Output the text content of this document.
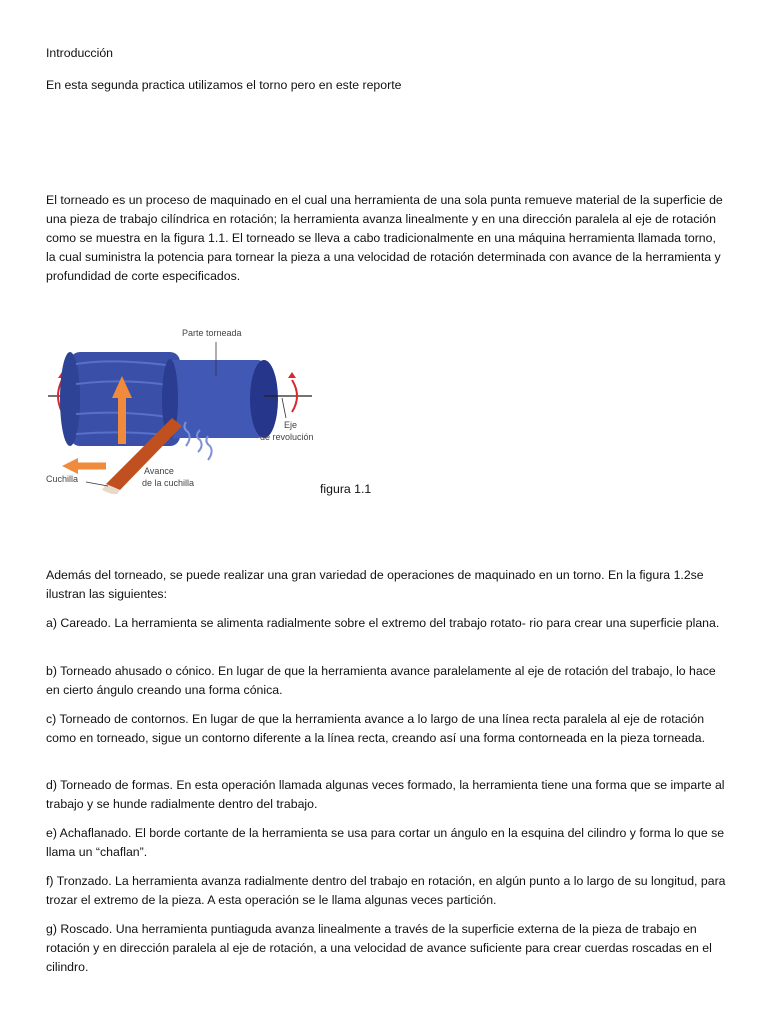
Introducción

En esta segunda practica utilizamos el torno pero en este reporte

El torneado es un proceso de maquinado en el cual una herramienta de una sola punta remueve material de la superficie de una pieza de trabajo cilíndrica en rotación; la herramienta avanza linealmente y en una dirección paralela al eje de rotación como se muestra en la figura 1.1. El torneado se lleva a cabo tradicionalmente en una máquina herramienta llamada torno, la cual suministra la potencia para tornear la pieza a una velocidad de rotación determinada con avance de la herramienta y profundidad de corte especificados.

Parte torneada
Eje
de revolución
Cuchilla
Avance
de la cuchilla	figura 1.1

Además del torneado, se puede realizar una gran variedad de operaciones de maquinado en un torno. En la figura 1.2se ilustran las siguientes:

a) Careado. La herramienta se alimenta radialmente sobre el extremo del trabajo rotato- rio para crear una superficie plana.

b) Torneado ahusado o cónico. En lugar de que la herramienta avance paralelamente al eje de rotación del trabajo, lo hace en cierto ángulo creando una forma cónica.

c) Torneado de contornos. En lugar de que la herramienta avance a lo largo de una línea recta paralela al eje de rotación como en torneado, sigue un contorno diferente a la línea recta, creando así una forma contorneada en la pieza torneada.

d) Torneado de formas. En esta operación llamada algunas veces formado, la herramienta tiene una forma que se imparte al trabajo y se hunde radialmente dentro del trabajo.

e) Achaflanado. El borde cortante de la herramienta se usa para cortar un ángulo en la esquina del cilindro y forma lo que se llama un “chaflan”.

f) Tronzado. La herramienta avanza radialmente dentro del trabajo en rotación, en algún punto a lo largo de su longitud, para trozar el extremo de la pieza. A esta operación se le llama algunas veces partición.

g) Roscado. Una herramienta puntiaguda avanza linealmente a través de la superficie externa de la pieza de trabajo en rotación y en dirección paralela al eje de rotación, a una velocidad de avance suficiente para crear cuerdas roscadas en el cilindro.
